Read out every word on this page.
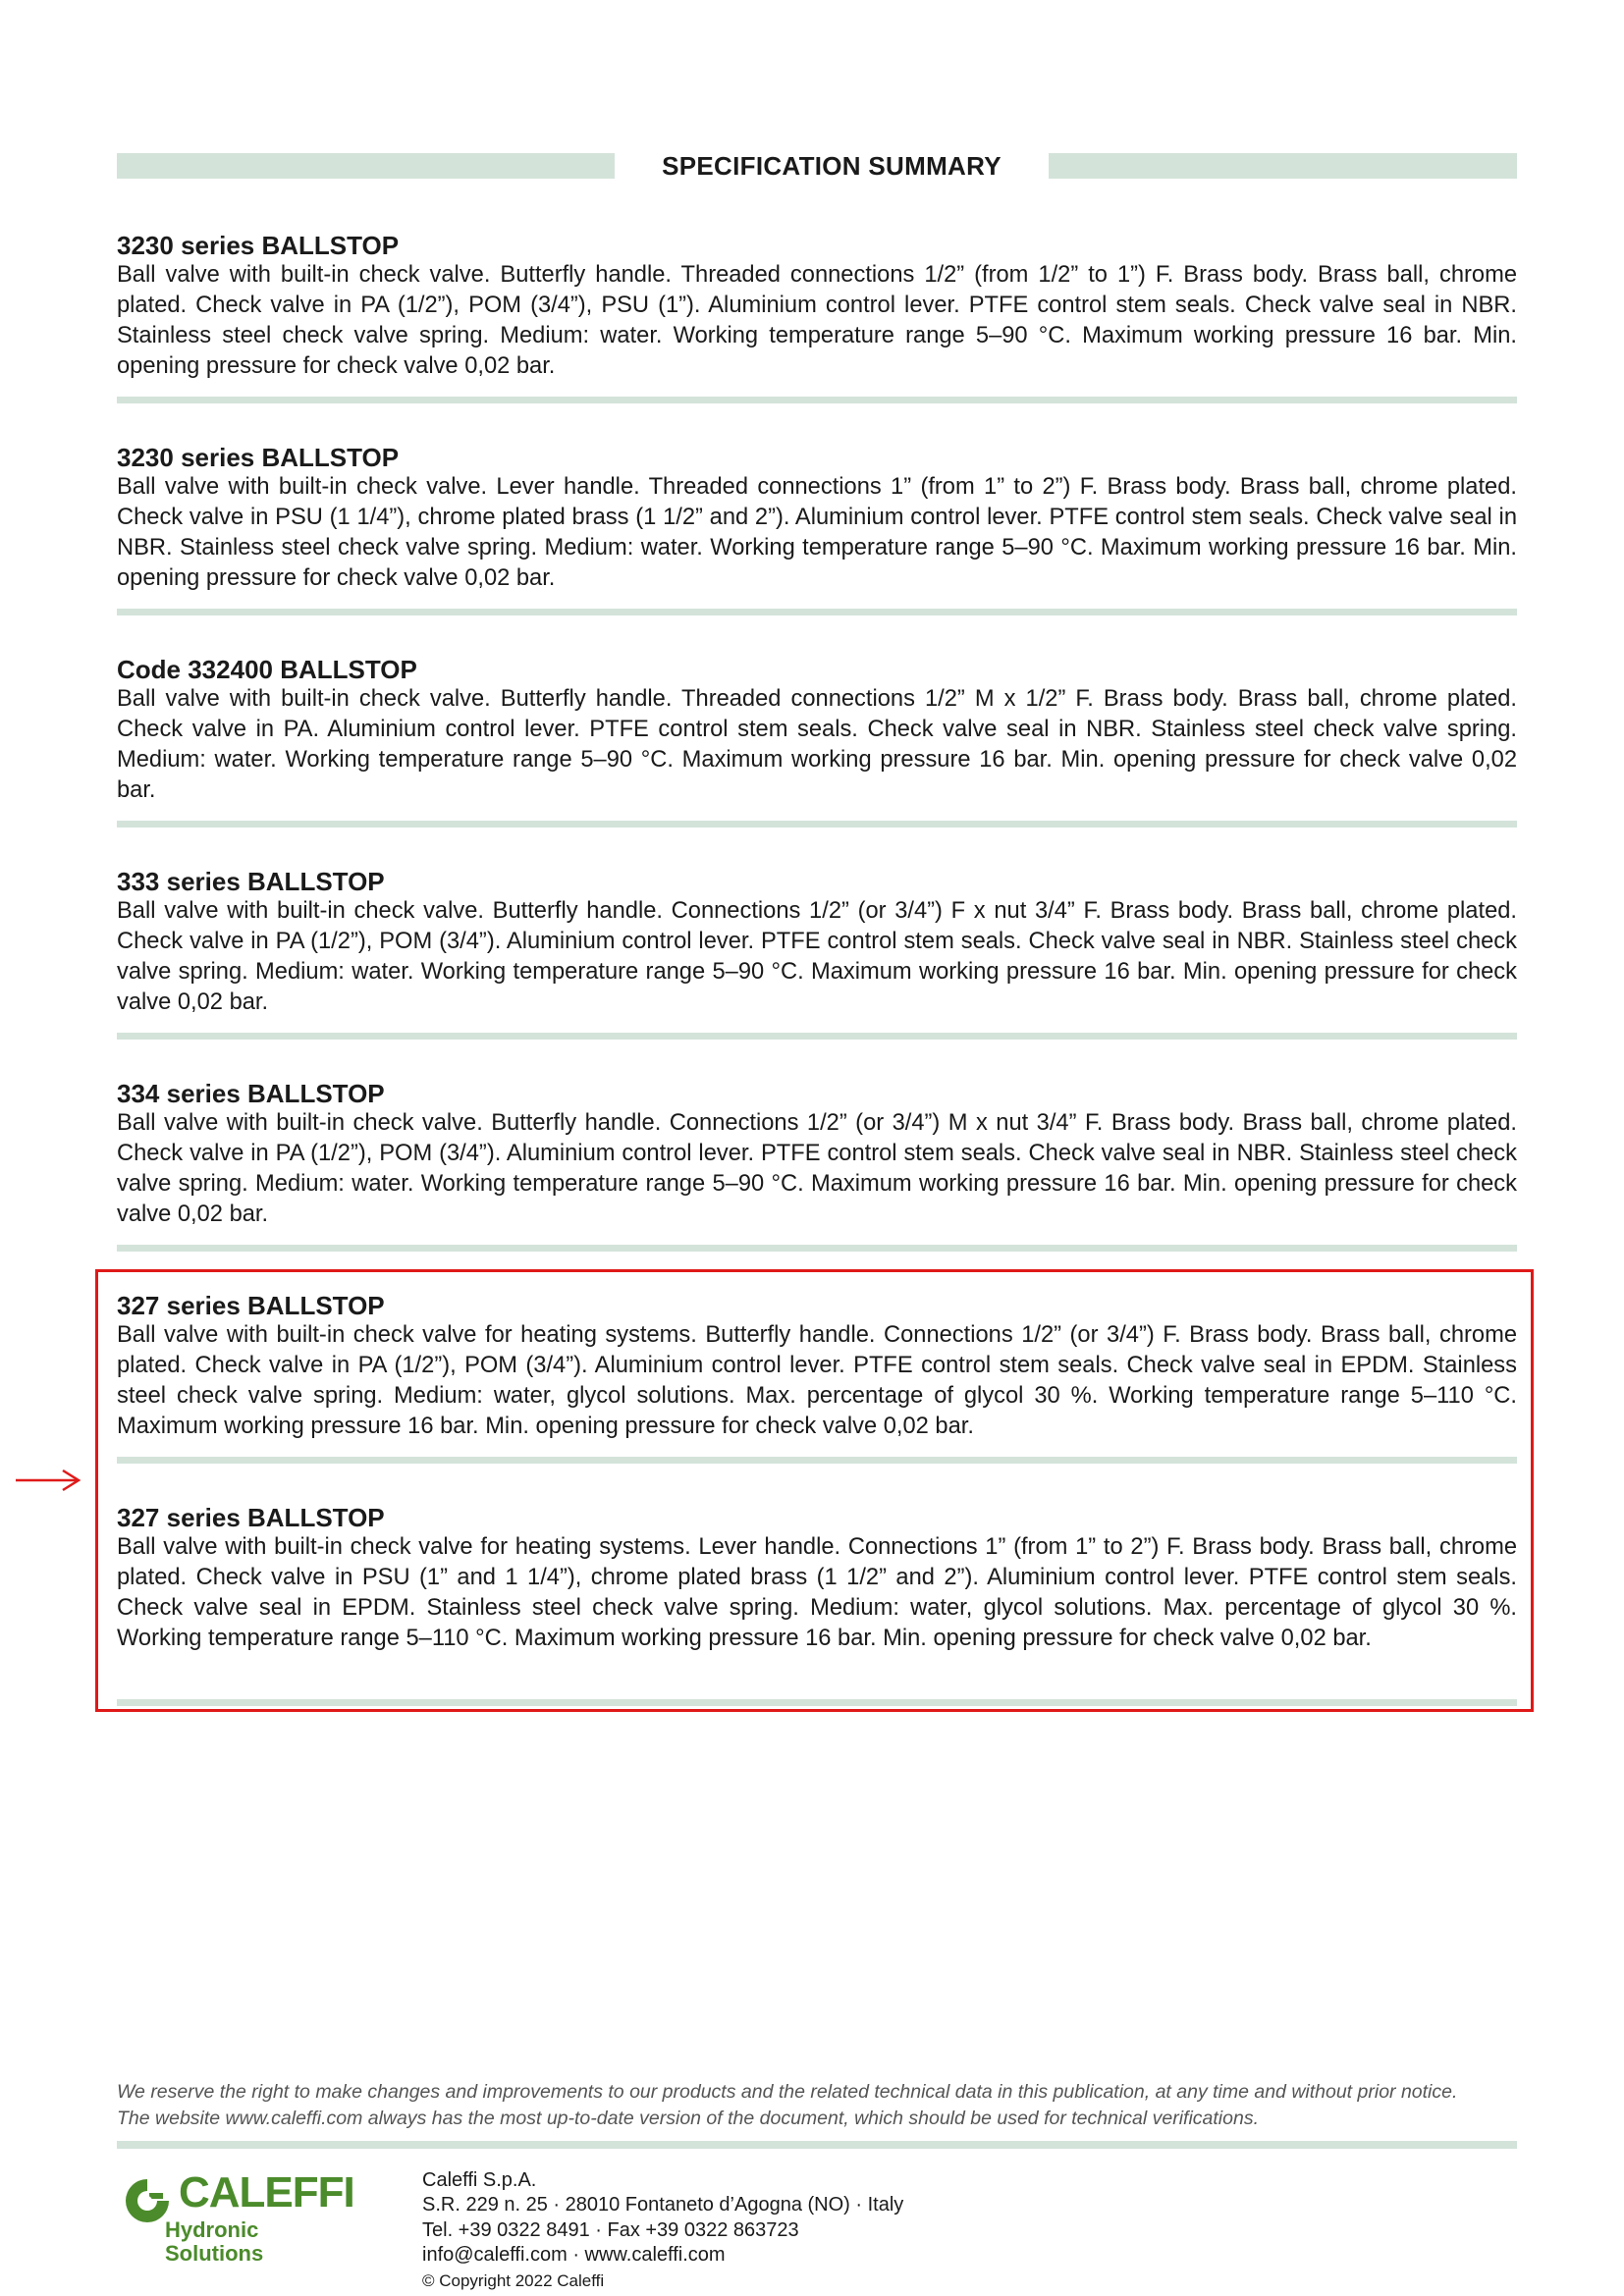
SPECIFICATION SUMMARY
3230 series BALLSTOP

Ball valve with built-in check valve. Butterfly handle. Threaded connections 1/2” (from 1/2” to 1”) F. Brass body. Brass ball, chrome plated. Check valve in PA (1/2”), POM (3/4”), PSU (1”). Aluminium control lever. PTFE control stem seals. Check valve seal in NBR. Stainless steel check valve spring. Medium: water. Working temperature range 5–90 °C. Maximum working pressure 16 bar. Min. opening pressure for check valve 0,02 bar.

3230 series BALLSTOP

Ball valve with built-in check valve. Lever handle. Threaded connections 1” (from 1” to 2”) F. Brass body. Brass ball, chrome plated. Check valve in PSU (1 1/4”), chrome plated brass (1 1/2” and 2”). Aluminium control lever. PTFE control stem seals. Check valve seal in NBR. Stainless steel check valve spring. Medium: water. Working temperature range 5–90 °C. Maximum working pressure 16 bar. Min. opening pressure for check valve 0,02 bar.

Code 332400 BALLSTOP

Ball valve with built-in check valve. Butterfly handle. Threaded connections 1/2” M x 1/2” F. Brass body. Brass ball, chrome plated. Check valve in PA. Aluminium control lever. PTFE control stem seals. Check valve seal in NBR. Stainless steel check valve spring. Medium: water. Working temperature range 5–90 °C. Maximum working pressure 16 bar. Min. opening pressure for check valve 0,02 bar.

333 series BALLSTOP

Ball valve with built-in check valve. Butterfly handle. Connections 1/2” (or 3/4”) F x nut 3/4” F. Brass body. Brass ball, chrome plated. Check valve in PA (1/2”), POM (3/4”). Aluminium control lever. PTFE control stem seals. Check valve seal in NBR. Stainless steel check valve spring. Medium: water. Working temperature range 5–90 °C. Maximum working pressure 16 bar. Min. opening pressure for check valve 0,02 bar.

334 series BALLSTOP

Ball valve with built-in check valve. Butterfly handle. Connections 1/2” (or 3/4”) M x nut 3/4” F. Brass body. Brass ball, chrome plated. Check valve in PA (1/2”), POM (3/4”). Aluminium control lever. PTFE control stem seals. Check valve seal in NBR. Stainless steel check valve spring. Medium: water. Working temperature range 5–90 °C. Maximum working pressure 16 bar. Min. opening pressure for check valve 0,02 bar.

327 series BALLSTOP

Ball valve with built-in check valve for heating systems. Butterfly handle. Connections 1/2” (or 3/4”) F. Brass body. Brass ball, chrome plated. Check valve in PA (1/2”), POM (3/4”). Aluminium control lever. PTFE control stem seals. Check valve seal in EPDM. Stainless steel check valve spring. Medium: water, glycol solutions. Max. percentage of glycol 30 %. Working temperature range 5–110 °C. Maximum working pressure 16 bar. Min. opening pressure for check valve 0,02 bar.

327 series BALLSTOP

Ball valve with built-in check valve for heating systems. Lever handle. Connections 1” (from 1” to 2”) F. Brass body. Brass ball, chrome plated. Check valve in PSU (1” and 1 1/4”), chrome plated brass (1 1/2” and 2”). Aluminium control lever. PTFE control stem seals. Check valve seal in EPDM. Stainless steel check valve spring. Medium: water, glycol solutions. Max. percentage of glycol 30 %. Working temperature range 5–110 °C. Maximum working pressure 16 bar. Min. opening pressure for check valve 0,02 bar.

We reserve the right to make changes and improvements to our products and the related technical data in this publication, at any time and without prior notice.
The website www.caleffi.com always has the most up-to-date version of the document, which should be used for technical verifications.
CALEFFI
Hydronic Solutions
Caleffi S.p.A.
S.R. 229 n. 25 · 28010 Fontaneto d’Agogna (NO) · Italy
Tel. +39 0322 8491 · Fax +39 0322 863723
info@caleffi.com · www.caleffi.com
© Copyright 2022 Caleffi
